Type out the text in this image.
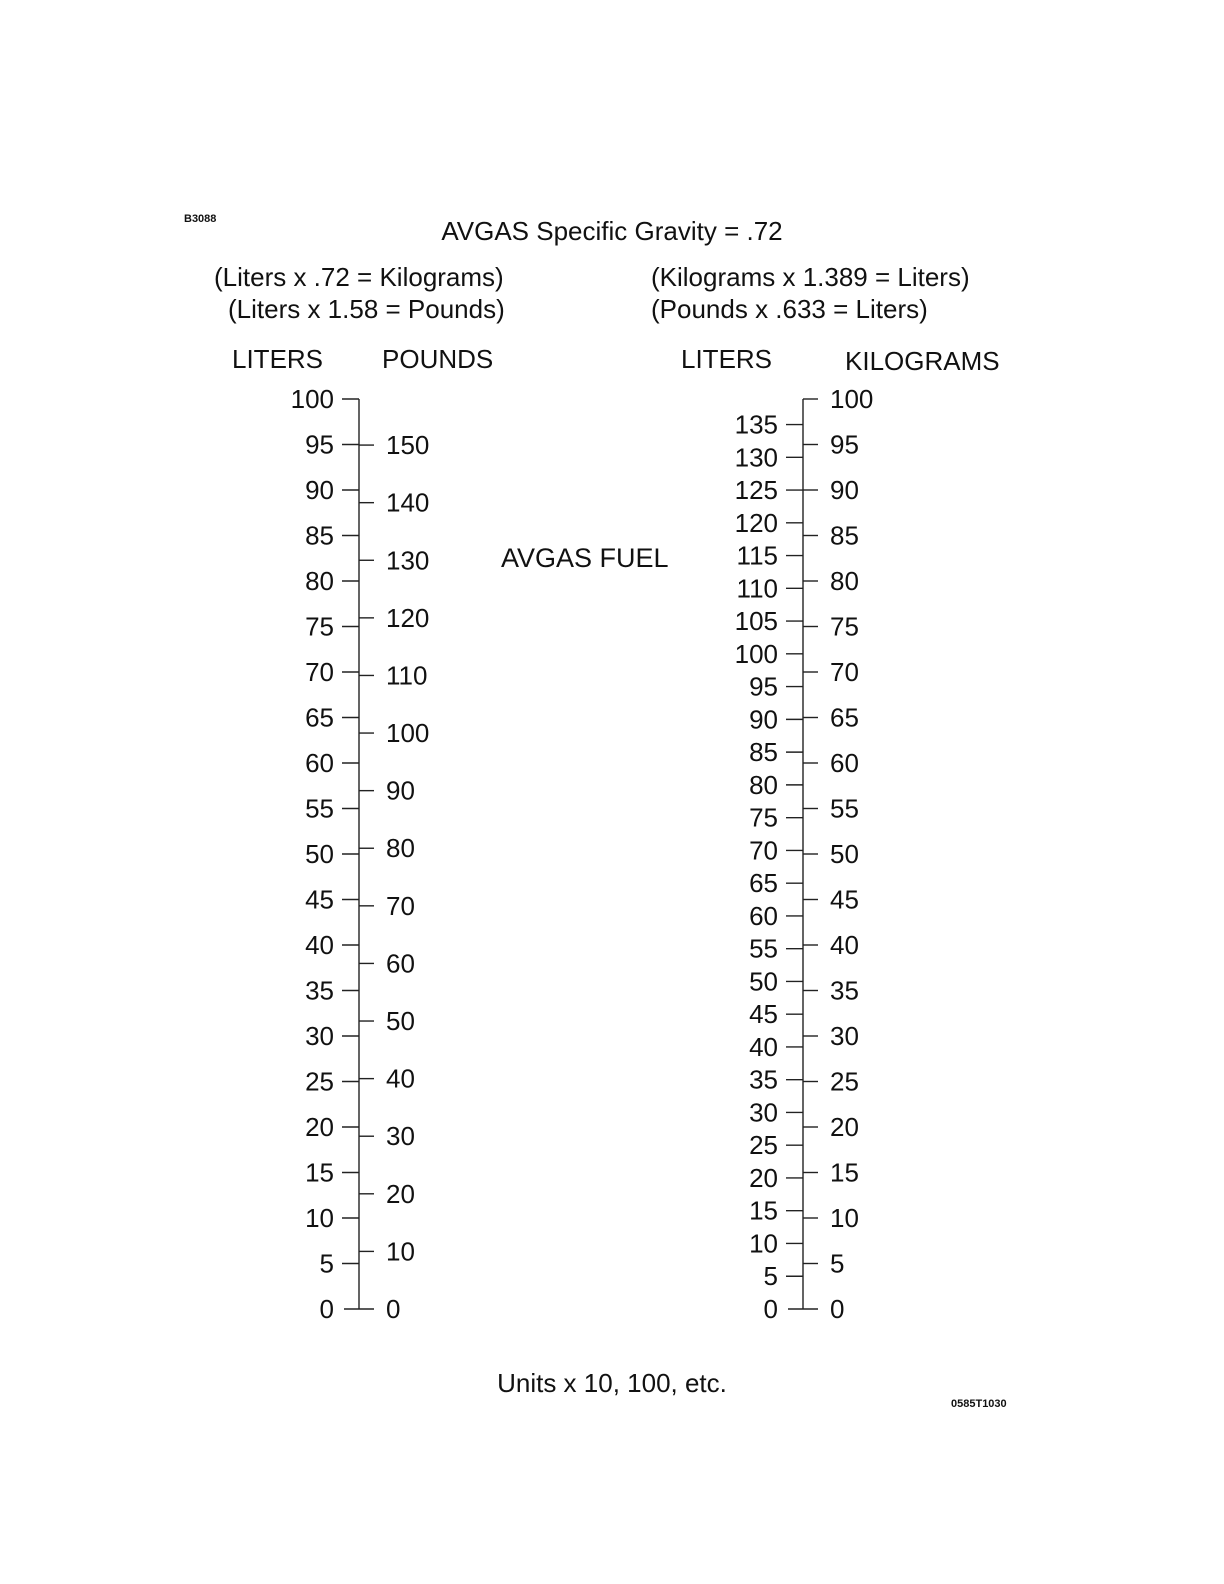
B3088	AVGAS Specific Gravity = .72
(Liters x .72 = Kilograms)
(Liters x 1.58 = Pounds)
(Kilograms x 1.389 = Liters)
(Pounds x .633 = Liters)
LITERS POUNDS	LITERS	KILOGRAMS
AVGAS FUEL
0
5
10
15
20
25
30
35
40
45
50
55
60
65
70
75
80
85
90
95
100
0
10
20
30
40
50
60
70
80
90
100
110
120
130
140
150
0
5
10
15
20
25
30
35
40
45
50
55
60
65
70
75
80
85
90
95
100
105
110
115
120
125
130
135
0
5
10
15
20
25
30
35
40
45
50
55
60
65
70
75
80
85
90
95
100
Units x 10, 100, etc.
0585T1030
